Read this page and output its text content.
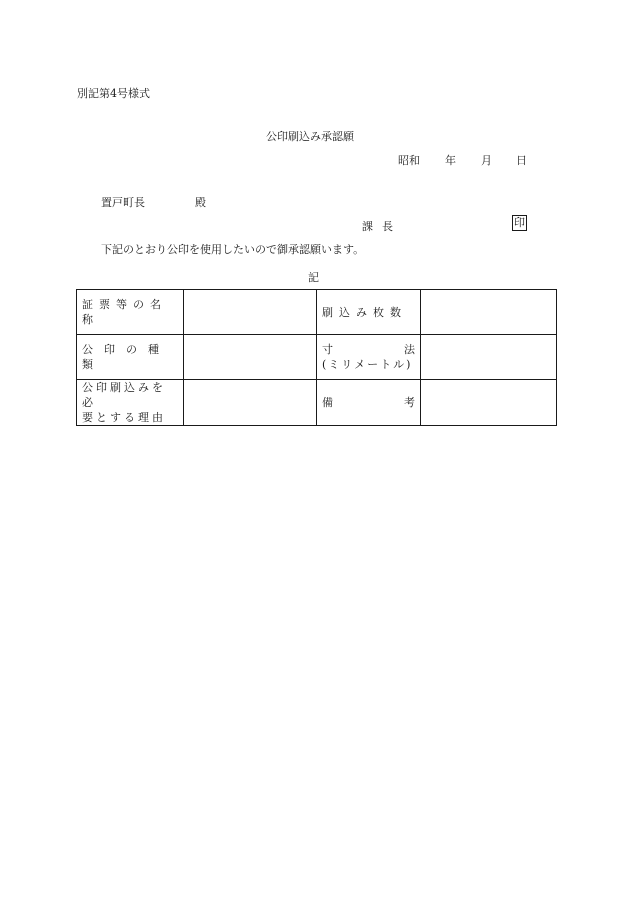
別記第4号様式
公印刷込み承認願
昭和 年 月 日
置戸町長	殿
課長	印
下記のとおり公印を使用したいので御承認願います。
記
証票等の名称		刷込み枚数	
公印の種類		寸 法
(ミリメートル)	

公印刷込みを必
要とする理由		備 考	
